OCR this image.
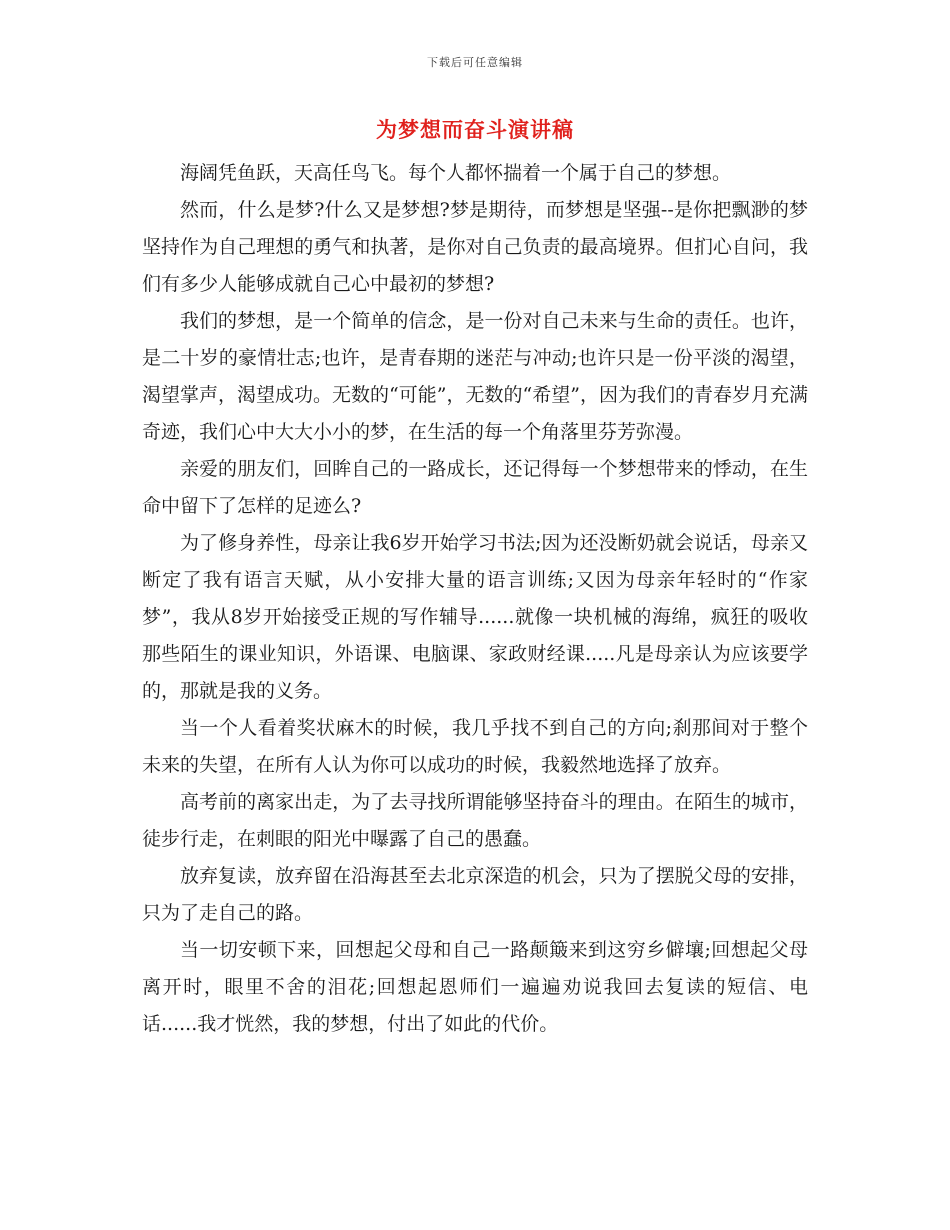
下载后可任意编辑
为梦想而奋斗演讲稿

海阔凭鱼跃，天高任鸟飞。每个人都怀揣着一个属于自己的梦想。

然而，什么是梦?什么又是梦想?梦是期待，而梦想是坚强--是你把飘渺的梦坚持作为自己理想的勇气和执著，是你对自己负责的最高境界。但扪心自问，我们有多少人能够成就自己心中最初的梦想?

我们的梦想，是一个简单的信念，是一份对自己未来与生命的责任。也许，是二十岁的豪情壮志;也许，是青春期的迷茫与冲动;也许只是一份平淡的渴望，渴望掌声，渴望成功。无数的“可能”，无数的“希望”，因为我们的青春岁月充满奇迹，我们心中大大小小的梦，在生活的每一个角落里芬芳弥漫。

亲爱的朋友们，回眸自己的一路成长，还记得每一个梦想带来的悸动，在生命中留下了怎样的足迹么?

为了修身养性，母亲让我6岁开始学习书法;因为还没断奶就会说话，母亲又断定了我有语言天赋，从小安排大量的语言训练;又因为母亲年轻时的“作家梦”，我从8岁开始接受正规的写作辅导......就像一块机械的海绵，疯狂的吸收那些陌生的课业知识，外语课、电脑课、家政财经课.....凡是母亲认为应该要学的，那就是我的义务。

当一个人看着奖状麻木的时候，我几乎找不到自己的方向;刹那间对于整个未来的失望，在所有人认为你可以成功的时候，我毅然地选择了放弃。

高考前的离家出走，为了去寻找所谓能够坚持奋斗的理由。在陌生的城市，徒步行走，在刺眼的阳光中曝露了自己的愚蠢。

放弃复读，放弃留在沿海甚至去北京深造的机会，只为了摆脱父母的安排，只为了走自己的路。

当一切安顿下来，回想起父母和自己一路颠簸来到这穷乡僻壤;回想起父母离开时，眼里不舍的泪花;回想起恩师们一遍遍劝说我回去复读的短信、电话......我才恍然，我的梦想，付出了如此的代价。
